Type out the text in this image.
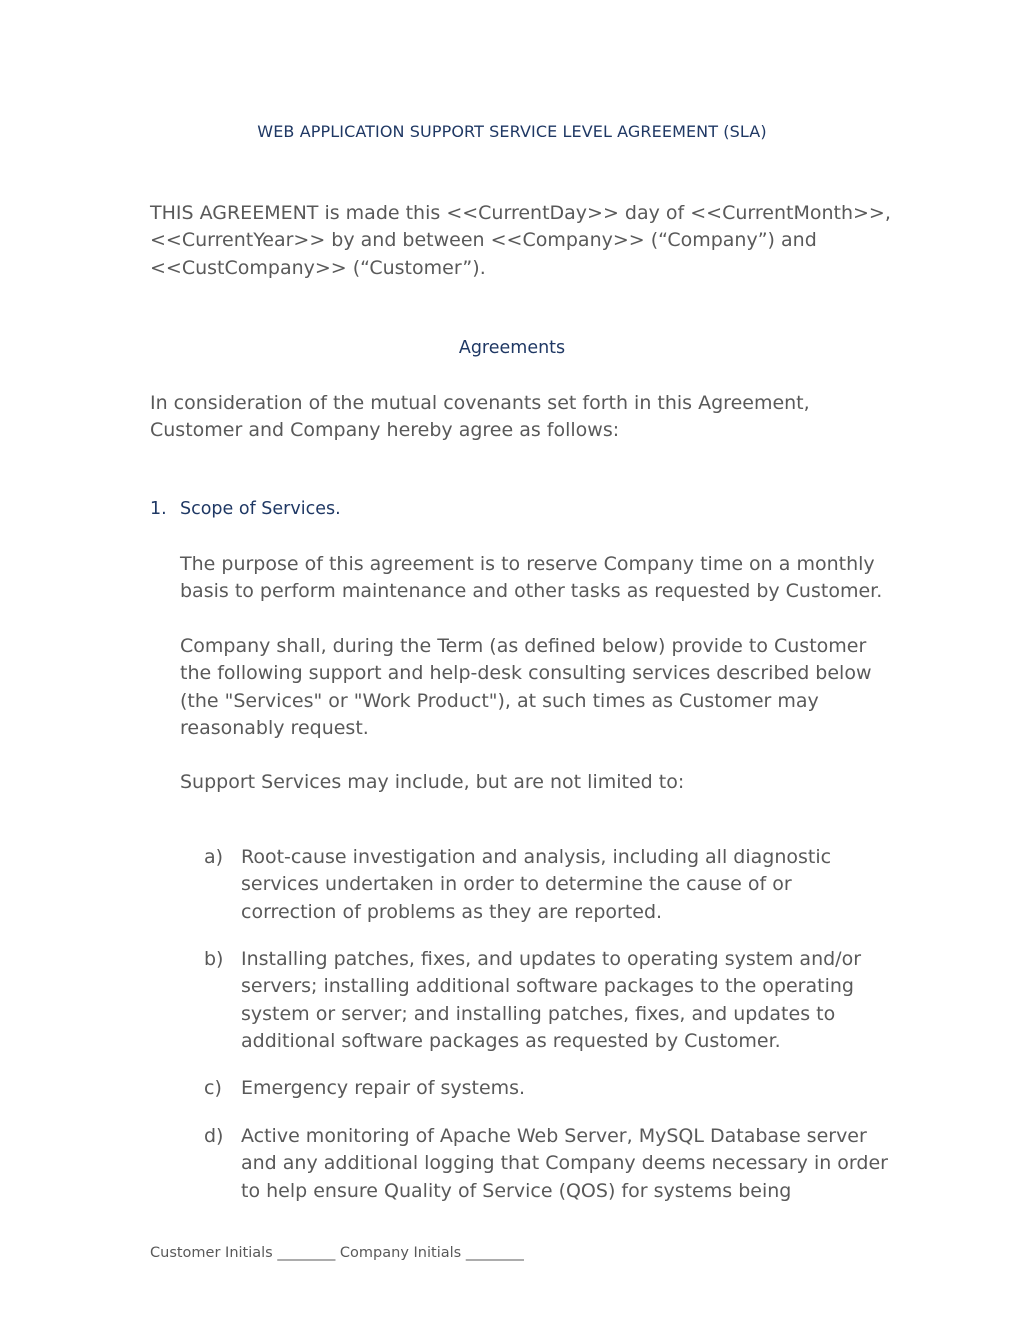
WEB APPLICATION SUPPORT SERVICE LEVEL AGREEMENT (SLA)
THIS AGREEMENT is made this <<CurrentDay>> day of <<CurrentMonth>>,
<<CurrentYear>> by and between <<Company>> (“Company”) and
<<CustCompany>> (“Customer”).
Agreements
In consideration of the mutual covenants set forth in this Agreement,
Customer and Company hereby agree as follows:
1. Scope of Services.
The purpose of this agreement is to reserve Company time on a monthly
basis to perform maintenance and other tasks as requested by Customer.
Company shall, during the Term (as defined below) provide to Customer
the following support and help-desk consulting services described below
(the "Services" or "Work Product"), at such times as Customer may
reasonably request.
Support Services may include, but are not limited to:
a) Root-cause investigation and analysis, including all diagnostic
services undertaken in order to determine the cause of or
correction of problems as they are reported.
b) Installing patches, fixes, and updates to operating system and/or
servers; installing additional software packages to the operating
system or server; and installing patches, fixes, and updates to
additional software packages as requested by Customer.
c)	Emergency repair of systems.
d) Active monitoring of Apache Web Server, MySQL Database server
and any additional logging that Company deems necessary in order
to help ensure Quality of Service (QOS) for systems being
Customer Initials ________ Company Initials ________
